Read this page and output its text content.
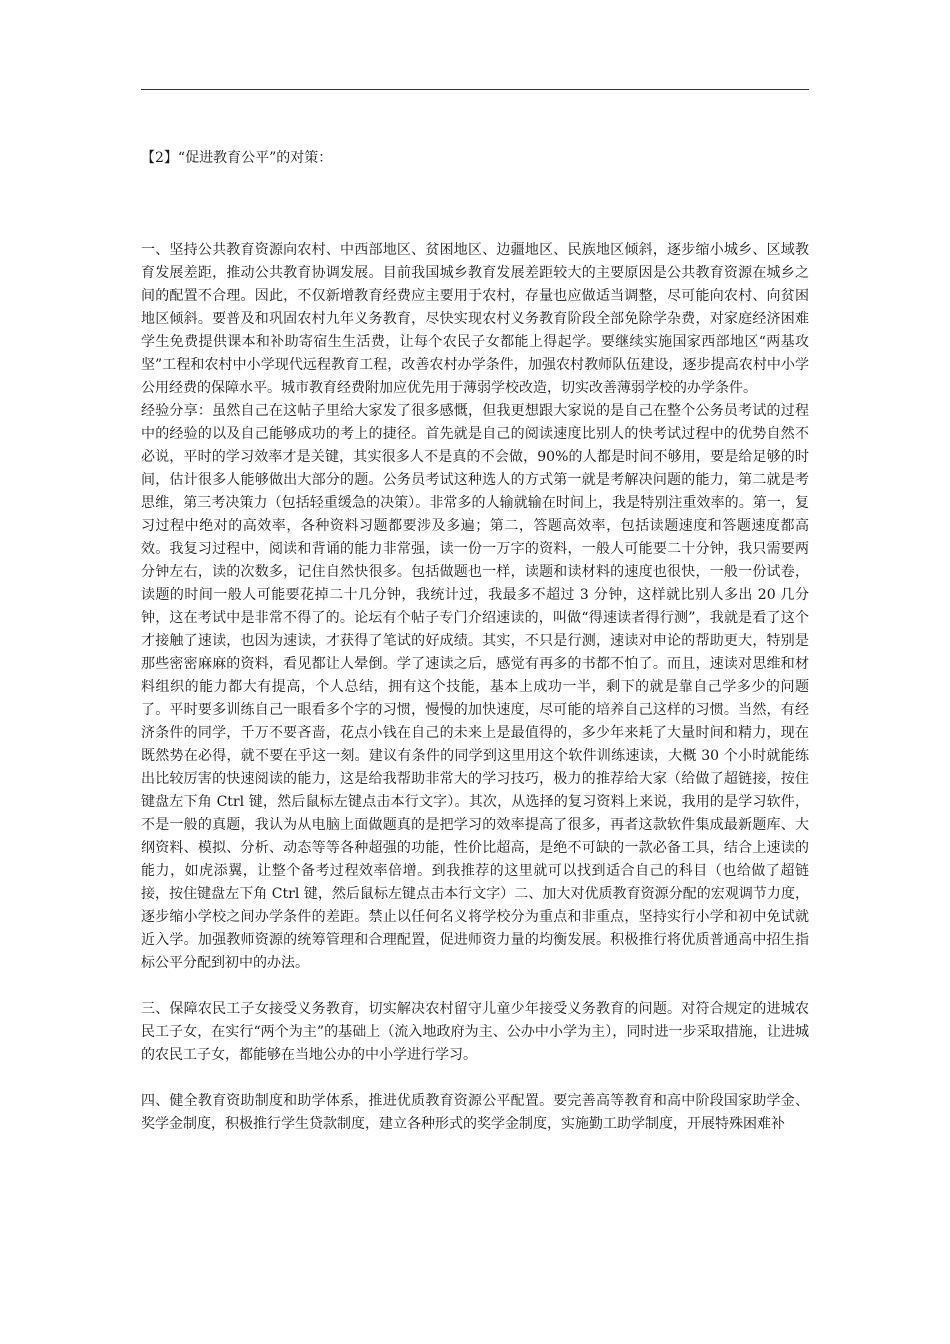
【2】“促进教育公平”的对策：

一、坚持公共教育资源向农村、中西部地区、贫困地区、边疆地区、民族地区倾斜，逐步缩小城乡、区域教育发展差距，推动公共教育协调发展。目前我国城乡教育发展差距较大的主要原因是公共教育资源在城乡之间的配置不合理。因此，不仅新增教育经费应主要用于农村，存量也应做适当调整，尽可能向农村、向贫困地区倾斜。要普及和巩固农村九年义务教育，尽快实现农村义务教育阶段全部免除学杂费，对家庭经济困难学生免费提供课本和补助寄宿生生活费，让每个农民子女都能上得起学。要继续实施国家西部地区“两基攻坚”工程和农村中小学现代远程教育工程，改善农村办学条件，加强农村教师队伍建设，逐步提高农村中小学公用经费的保障水平。城市教育经费附加应优先用于薄弱学校改造，切实改善薄弱学校的办学条件。

经验分享：虽然自己在这帖子里给大家发了很多感慨，但我更想跟大家说的是自己在整个公务员考试的过程中的经验的以及自己能够成功的考上的捷径。首先就是自己的阅读速度比别人的快考试过程中的优势自然不必说，平时的学习效率才是关键，其实很多人不是真的不会做，90%的人都是时间不够用，要是给足够的时间，估计很多人能够做出大部分的题。公务员考试这种选人的方式第一就是考解决问题的能力，第二就是考思维，第三考决策力（包括轻重缓急的决策）。非常多的人输就输在时间上，我是特别注重效率的。第一，复习过程中绝对的高效率，各种资料习题都要涉及多遍；第二，答题高效率，包括读题速度和答题速度都高效。我复习过程中，阅读和背诵的能力非常强，读一份一万字的资料，一般人可能要二十分钟，我只需要两分钟左右，读的次数多，记住自然快很多。包括做题也一样，读题和读材料的速度也很快，一般一份试卷，读题的时间一般人可能要花掉二十几分钟，我统计过，我最多不超过 3 分钟，这样就比别人多出 20 几分钟，这在考试中是非常不得了的。论坛有个帖子专门介绍速读的，叫做“得速读者得行测”，我就是看了这个才接触了速读，也因为速读，才获得了笔试的好成绩。其实，不只是行测，速读对申论的帮助更大，特别是那些密密麻麻的资料，看见都让人晕倒。学了速读之后，感觉有再多的书都不怕了。而且，速读对思维和材料组织的能力都大有提高，个人总结，拥有这个技能，基本上成功一半，剩下的就是靠自己学多少的问题了。平时要多训练自己一眼看多个字的习惯，慢慢的加快速度，尽可能的培养自己这样的习惯。当然，有经济条件的同学，千万不要吝啬，花点小钱在自己的未来上是最值得的，多少年来耗了大量时间和精力，现在既然势在必得，就不要在乎这一刻。建议有条件的同学到这里用这个软件训练速读，大概 30 个小时就能练出比较厉害的快速阅读的能力，这是给我帮助非常大的学习技巧，极力的推荐给大家（给做了超链接，按住键盘左下角 Ctrl 键，然后鼠标左键点击本行文字）。其次，从选择的复习资料上来说，我用的是学习软件，不是一般的真题，我认为从电脑上面做题真的是把学习的效率提高了很多，再者这款软件集成最新题库、大纲资料、模拟、分析、动态等等各种超强的功能，性价比超高，是绝不可缺的一款必备工具，结合上速读的能力，如虎添翼，让整个备考过程效率倍增。到我推荐的这里就可以找到适合自己的科目（也给做了超链接，按住键盘左下角 Ctrl 键，然后鼠标左键点击本行文字）二、加大对优质教育资源分配的宏观调节力度，逐步缩小学校之间办学条件的差距。禁止以任何名义将学校分为重点和非重点，坚持实行小学和初中免试就近入学。加强教师资源的统筹管理和合理配置，促进师资力量的均衡发展。积极推行将优质普通高中招生指标公平分配到初中的办法。

三、保障农民工子女接受义务教育，切实解决农村留守儿童少年接受义务教育的问题。对符合规定的进城农民工子女，在实行“两个为主”的基础上（流入地政府为主、公办中小学为主），同时进一步采取措施，让进城的农民工子女，都能够在当地公办的中小学进行学习。

四、健全教育资助制度和助学体系，推进优质教育资源公平配置。要完善高等教育和高中阶段国家助学金、奖学金制度，积极推行学生贷款制度，建立各种形式的奖学金制度，实施勤工助学制度，开展特殊困难补
